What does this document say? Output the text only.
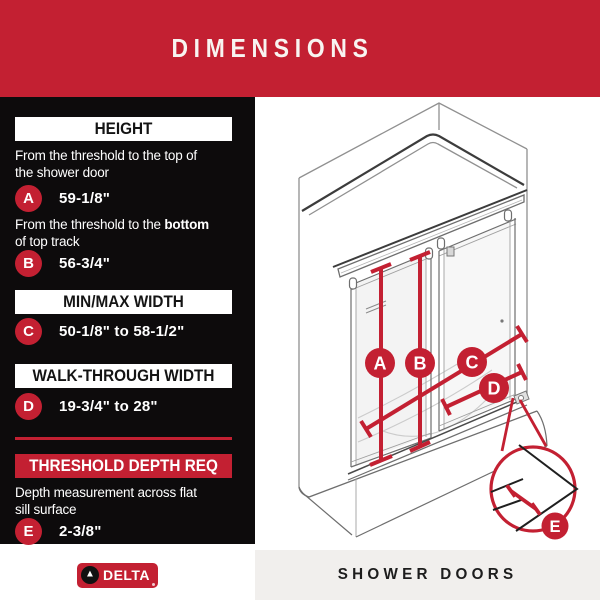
A B C
D
E
DIMENSIONS
HEIGHT

From the threshold to the top of
the shower door

A	59-1/8"

From the threshold to the bottom
of top track

B	56-3/4"
MIN/MAX WIDTH
C	50-1/8" to 58-1/2"
WALK-THROUGH WIDTH
D	19-3/4" to 28"
THRESHOLD DEPTH REQ

Depth measurement across flat
sill surface

E	2-3/8"
▲ DELTA	SHOWER DOORS
